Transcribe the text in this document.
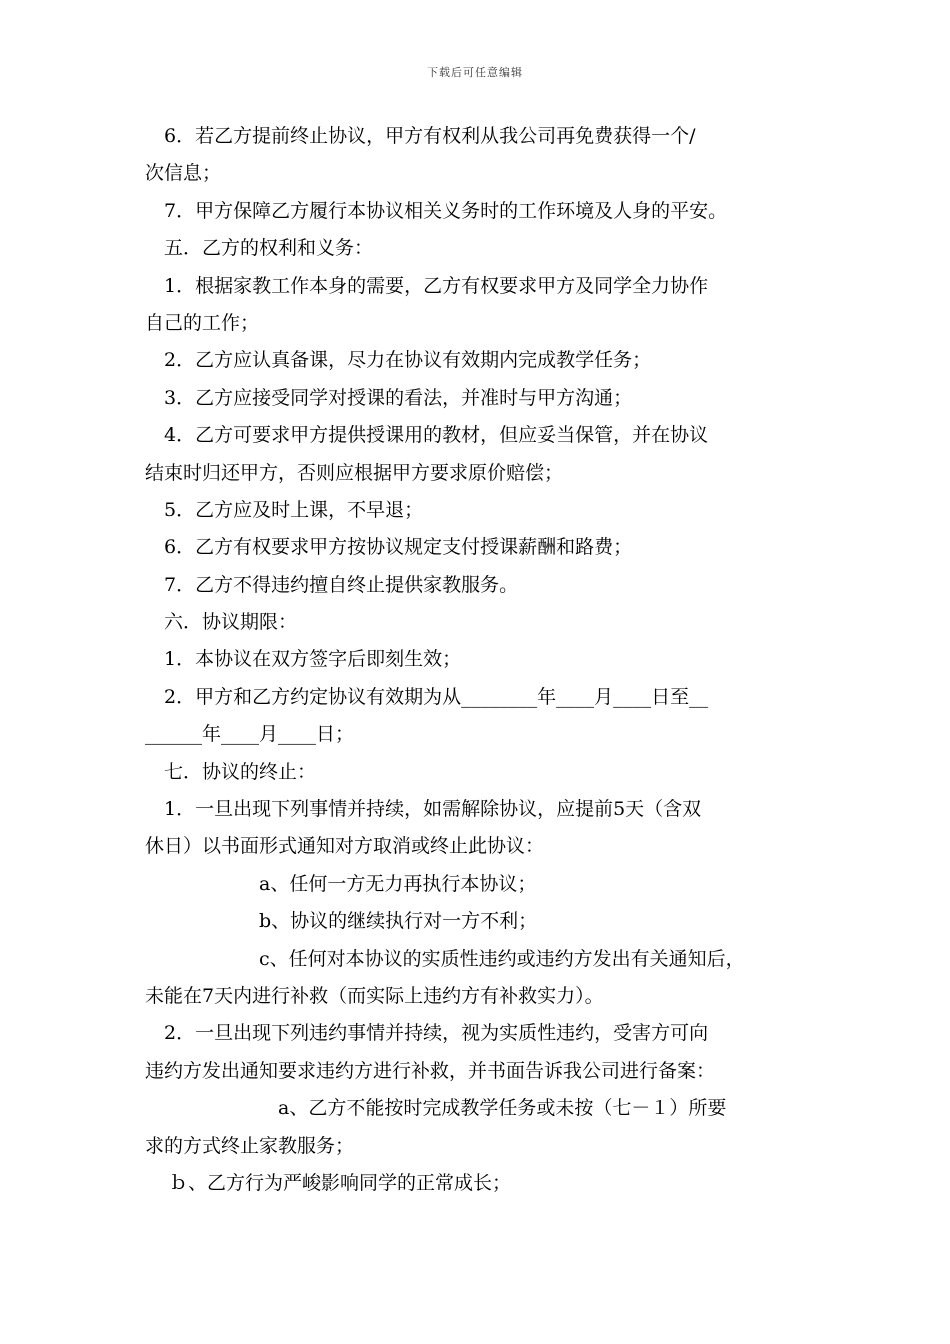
下载后可任意编辑
6．若乙方提前终止协议，甲方有权利从我公司再免费获得一个/
次信息；
7．甲方保障乙方履行本协议相关义务时的工作环境及人身的平安。
五．乙方的权利和义务：
1．根据家教工作本身的需要，乙方有权要求甲方及同学全力协作
自己的工作；
2．乙方应认真备课，尽力在协议有效期内完成教学任务；
3．乙方应接受同学对授课的看法，并准时与甲方沟通；
4．乙方可要求甲方提供授课用的教材，但应妥当保管，并在协议
结束时归还甲方，否则应根据甲方要求原价赔偿；
5．乙方应及时上课，不早退；
6．乙方有权要求甲方按协议规定支付授课薪酬和路费；
7．乙方不得违约擅自终止提供家教服务。
六．协议期限：
1．本协议在双方签字后即刻生效；
2．甲方和乙方约定协议有效期为从________年____月____日至__
______年____月____日；
七．协议的终止：
1．一旦出现下列事情并持续，如需解除协议，应提前5天（含双
休日）以书面形式通知对方取消或终止此协议：
a、任何一方无力再执行本协议；
b、协议的继续执行对一方不利；
c、任何对本协议的实质性违约或违约方发出有关通知后，
未能在7天内进行补救（而实际上违约方有补救实力）。
2．一旦出现下列违约事情并持续，视为实质性违约，受害方可向
违约方发出通知要求违约方进行补救，并书面告诉我公司进行备案：
a、乙方不能按时完成教学任务或未按（七－１）所要
求的方式终止家教服务；
ｂ、乙方行为严峻影响同学的正常成长；
